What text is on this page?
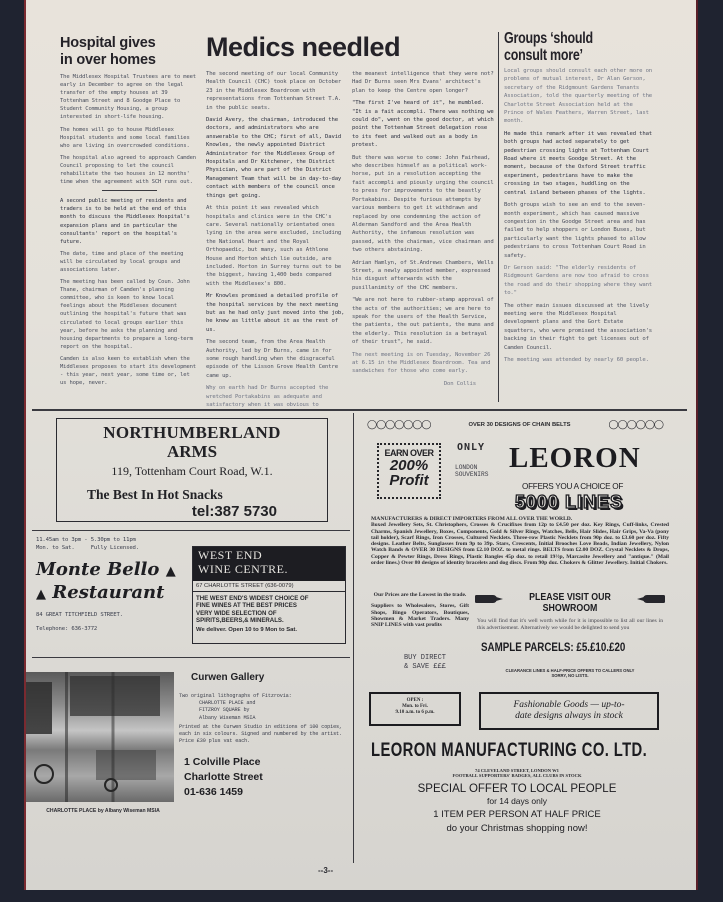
Hospital gives
in over homes

The Middlesex Hospital Trustees are to meet early in December to agree on the legal transfer of the empty houses at 39 Tottenham Street and 8 Goodge Place to Student Community Housing, a group interested in short-life housing.

The homes will go to house Middlesex Hospital students and some local families who are living in overcrowded conditions.

The hospital also agreed to approach Camden Council proposing to let the council rehabilitate the two houses in 12 months' time when the agreement with SCH runs out.

A second public meeting of residents and traders is to be held at the end of this month to discuss the Middlesex Hospital's expansion plans and in particular the consultants' report on the hospital's future.

The date, time and place of the meeting will be circulated by local groups and associations later.

The meeting has been called by Coun. John Thane, chairman of Camden's planning committee, who is keen to know local feelings about the Middlesex document outlining the hospital's future that was circulated to local groups earlier this year, before he asks the planning and housing departments to prepare a long-term report on the hospital.

Camden is also keen to establish when the Middlesex proposes to start its development - this year, next year, some time or, let us hope, never.

Medics needled

The second meeting of our local Community Health Council (CHC) took place on October 23 in the Middlesex Boardroom with representations from Tottenham Street T.A. in the public seats.

David Avery, the chairman, introduced the doctors, and administrators who are answerable to the CHC; first of all, David Knowles, the newly appointed District Administrator for the Middlesex Group of Hospitals and Dr Kitchener, the District Physician, who are part of the District Management Team that will be in day-to-day contact with members of the council once things get going.

At this point it was revealed which hospitals and clinics were in the CHC's care. Several nationally orientated ones lying in the area were excluded, including the National Heart and the Royal Orthopaedic, but many, such as Athlone House and Horton which lie outside, are included. Horton in Surrey turns out to be the biggest, having 1,400 beds compared with the Middlesex's 800.

Mr Knowles promised a detailed profile of the hospital services by the next meeting but as he had only just moved into the job, he knew as little about it as the rest of us.

The second team, from the Area Health Authority, led by Dr Burns, came in for some rough handling when the disgraceful episode of the Lisson Grove Health Centre came up.

Why on earth had Dr Burns accepted the wretched Portakabins as adequate and satisfactory when it was obvious to

the meanest intelligence that they were not? Had Dr Burns seen Mrs Evans' architect's plan to keep the Centre open longer?

"The first I've heard of it", he mumbled. "It is a fait accompli. There was nothing we could do", went on the good doctor, at which point the Tottenham Street delegation rose to its feet and walked out as a body in protest.

But there was worse to come: John Fairhead, who describes himself as a political work-horse, put in a resolution accepting the fait accompli and piously urging the council to press for improvements to the beastly Portakabins. Despite furious attempts by various members to get it withdrawn and replaced by one condemning the action of Alderman Sandford and the Area Health Authority, the infamous resolution was passed, with the chairman, vice chairman and two others abstaining.

Adrian Hamlyn, of St.Andrews Chambers, Wells Street, a newly appointed member, expressed his disgust afterwards with the pusillanimity of the CHC members.

"We are not here to rubber-stamp approval of the acts of the authorities; we are here to speak for the users of the Health Service, the patients, the out patients, the mums and the elderly. This resolution is a betrayal of their trust", he said.

The next meeting is on Tuesday, November 26 at 6.15 in the Middlesex Boardroom. Tea and sandwiches for those who come early.

Don Collis

Groups ‘should
consult more’

Local groups should consult each other more on problems of mutual interest, Dr Alan Gerson, secretary of the Ridgmount Gardens Tenants Association, told the quarterly meeting of the Charlotte Street Association held at the Prince of Wales Feathers, Warren Street, last month.

He made this remark after it was revealed that both groups had acted separately to get pedestrian crossing lights at Tottenham Court Road where it meets Goodge Street. At the moment, because of the Oxford Street traffic experiment, pedestrians have to make the crossing in two stages, huddling on the central island between phases of the lights.

Both groups wish to see an end to the seven-month experiment, which has caused massive congestion in the Goodge Street area and has failed to help shoppers or London Buses, but particularly want the lights phased to allow pedestrians to cross Tottenham Court Road in safety.

Dr Gerson said: "The elderly residents of Ridgmount Gardens are now too afraid to cross the road and do their shopping where they want to."

The other main issues discussed at the lively meeting were the Middlesex Hospital development plans and the Gort Estate squatters, who were promised the association's backing in their fight to get licenses out of Camden Council.

The meeting was attended by nearly 60 people.

NORTHUMBERLAND
ARMS
119, Tottenham Court Road, W.1.
The Best In Hot Snacks
tel:387 5730
11.45am to 3pm - 5.30pm to 11pm
Mon. to Sat.     Fully Licensed.
Monte Bello ▲
▲ Restaurant
84 GREAT TITCHFIELD STREET.
Telephone: 636-3772
WEST END
WINE CENTRE.
67 CHARLOTTE STREET (636-0079)
THE WEST END'S WIDEST CHOICE OF
FINE WINES AT THE BEST PRICES
VERY WIDE SELECTION OF
SPIRITS,BEERS,& MINERALS.
We deliver. Open 10 to 9 Mon to Sat.
CHARLOTTE PLACE by Albany Wiseman MSIA
Curwen Gallery
Two original lithographs of Fitzrovia:
CHARLOTTE PLACE and
FITZROY SQUARE by
Albany Wiseman MSIA
Printed at the Curwen Studio in editions of 100 copies, each in six colours. Signed and numbered by the artist. Price £30 plus vat each.
1 Colville Place
Charlotte Street
01-636 1459
◯◯◯◯◯◯◯	OVER 30 DESIGNS OF CHAIN BELTS	◯◯◯◯◯◯
EARN OVER
200%
Profit
ONLY
LONDON
SOUVENIRS
LEORON
OFFERS YOU A CHOICE OF
5000 LINES
MANUFACTURERS & DIRECT IMPORTERS FROM ALL OVER THE WORLD.
Boxed Jewellery Sets, St. Christophers, Crosses & Crucifixes from 12p to £4.50 per doz. Key Rings, Cuff-links, Crested Charms, Spanish Jewellery, Boxes, Components, Gold & Silver Rings, Watches, Bells, Hair Slides, Hair Grips, Va-Va (pony tail holder), Scarf Rings, Iron Crosses, Cultured Necklets. Three-row Plastic Necklets from 90p doz. to £3.60 per doz. Fifty designs. Leather Belts, Sunglasses from 9p to 39p. Stars, Crescents, Initial Brooches Love Beads, Indian Jewellery, Nylon Watch Bands & OVER 30 DESIGNS from £2.10 DOZ. to metal rings. BELTS from £2.00 DOZ. Crystal Necklets & Drops, Copper & Pewter Rings, Dress Rings, Plastic Bangles 45p doz. to retail 19½p, Marcasite Jewellery and "antique." (Mail order lines.) Over 80 designs of identity bracelets and dog discs. From 90p doz. Chokers & Glitter Jewellery. Initial Chokers.
Our Prices are the Lowest in the trade.
Suppliers to Wholesalers, Stores, Gift Shops, Bingo Operators, Boutiques, Showmen & Market Traders. Many SNIP LINES with vast profits
BUY DIRECT
& SAVE £££
PLEASE VISIT OUR
SHOWROOM
You will find that it's well worth while for it is impossible to list all our lines in this advertisement. Alternatively we would be delighted to send you
SAMPLE PARCELS: £5.£10.£20
CLEARANCE LINES & HALF-PRICE OFFERS TO CALLERS ONLY
SORRY, NO LISTS.
OPEN :
Mon. to Fri.
9.10 a.m. to 6 p.m.
Fashionable Goods — up-to-
date designs always in stock
LEORON MANUFACTURING CO. LTD.
74 CLEVELAND STREET, LONDON W1
FOOTBALL SUPPORTERS' BADGES, ALL CLUBS IN STOCK
SPECIAL OFFER TO LOCAL PEOPLE
for 14 days only
1 ITEM PER PERSON AT HALF PRICE
do your Christmas shopping now!
--3--
